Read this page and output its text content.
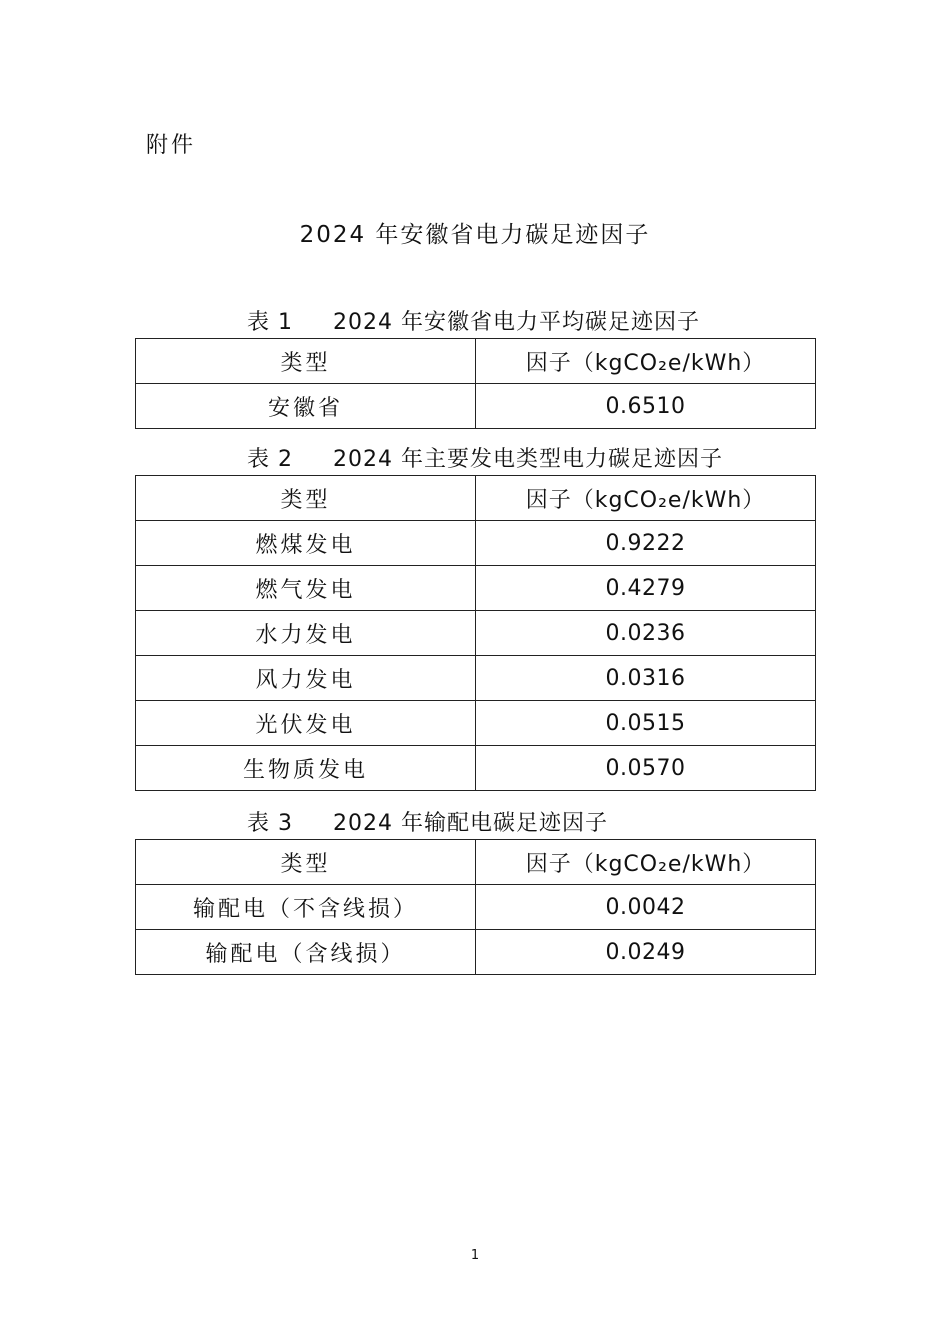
附件
2024 年安徽省电力碳足迹因子
表 1     2024 年安徽省电力平均碳足迹因子
类型	因子（kgCO₂e/kWh）
安徽省	0.6510
表 2     2024 年主要发电类型电力碳足迹因子
类型	因子（kgCO₂e/kWh）
燃煤发电	0.9222
燃气发电	0.4279
水力发电	0.0236
风力发电	0.0316
光伏发电	0.0515
生物质发电	0.0570
表 3     2024 年输配电碳足迹因子
类型	因子（kgCO₂e/kWh）
输配电（不含线损）	0.0042
输配电（含线损）	0.0249
1
